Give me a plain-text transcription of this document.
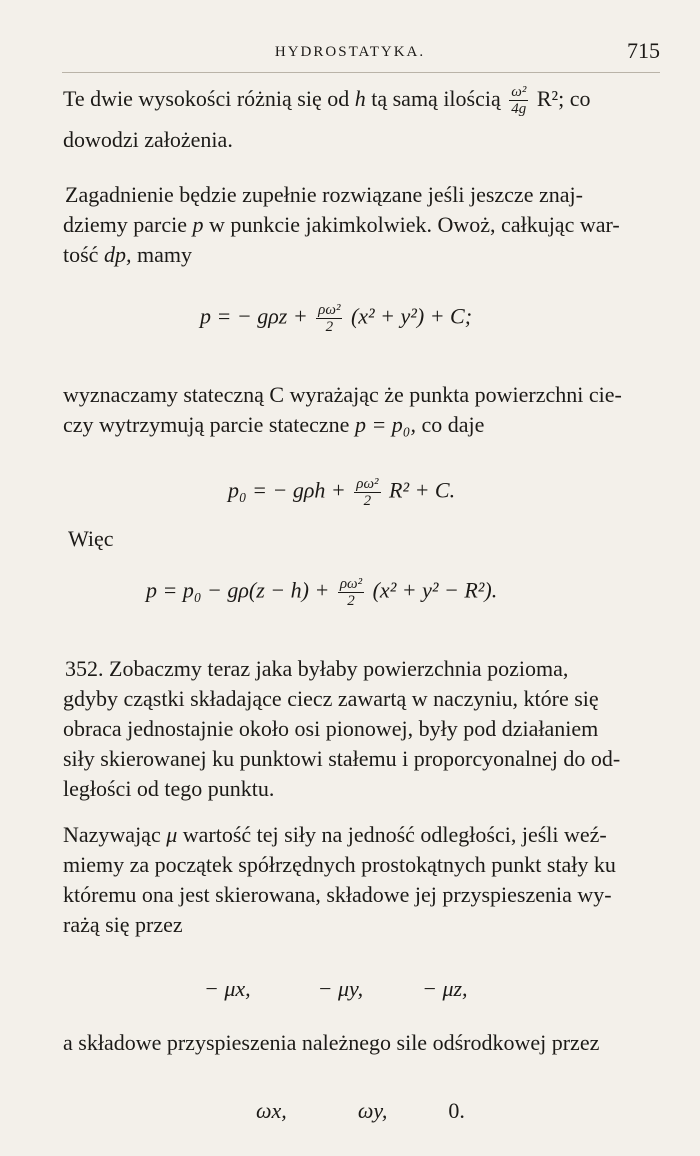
HYDROSTATYKA.	715

Te dwie wysokości różnią się od h tą samą ilością $\frac{\text{ω²}}{4g} R^2$; co

dowodzi założenia.

Zagadnienie będzie zupełnie rozwiązane jeśli jeszcze znaj-

dziemy parcie p w punkcie jakimkolwiek. Owoż, całkując war-

tość dp, mamy

p = − $g\rho z + \frac{\text{ρω²}}{2} (x^2 + y^2) + C$;

wyznaczamy stateczną C wyrażając że punkta powierzchni cie-

czy wytrzymują parcie stateczne p = p₀, co daje

p₀ = − $g\rho h + \frac{\text{ρω²}}{2} R^2 + C$.
Więc
$p = p_0 - g\rho(z - h) + \frac{\text{ρω²}}{2} (x^2 + y^2 - R^2)$.

352. Zobaczmy teraz jaka byłaby powierzchnia pozioma,

gdyby cząstki składające ciecz zawartą w naczyniu, które się

obraca jednostajnie około osi pionowej, były pod działaniem

siły skierowanej ku punktowi stałemu i proporcyonalnej do od-

ległości od tego punktu.

Nazywając μ wartość tej siły na jedność odległości, jeśli weź-

miemy za początek spółrzędnych prostokątnych punkt stały ku

któremu ona jest skierowana, składowe jej przyspieszenia wy-

rażą się przez

− μx,	− μy,	− μz,

a składowe przyspieszenia należnego sile odśrodkowej przez

ωx,	ωy,	0.
